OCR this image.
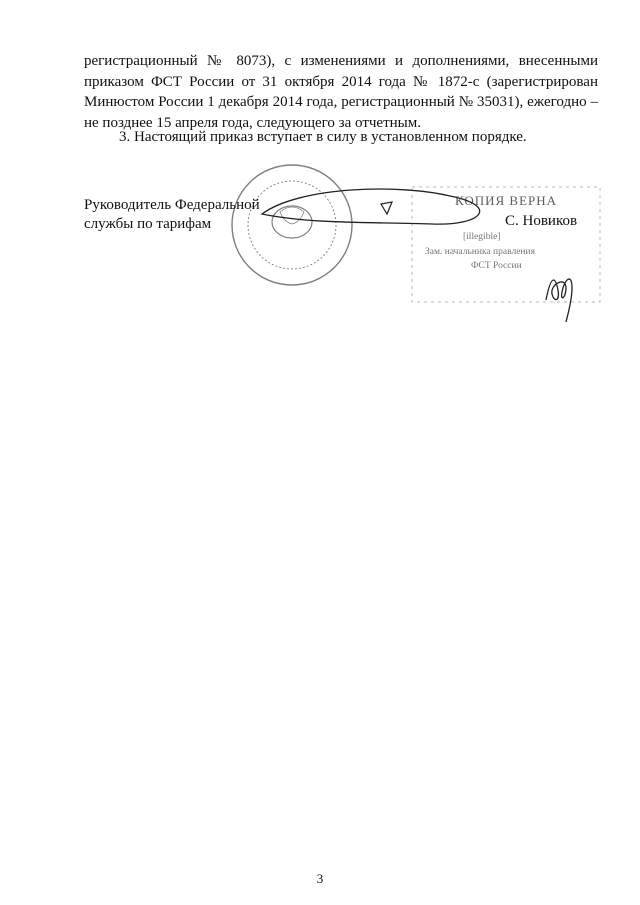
регистрационный № 8073), с изменениями и дополнениями, внесенными
приказом ФСТ России от 31 октября 2014 года № 1872-с (зарегистрирован
Минюстом России 1 декабря 2014 года, регистрационный № 35031), ежегодно –
не позднее 15 апреля года, следующего за отчетным.

3. Настоящий приказ вступает в силу в установленном порядке.

КОПИЯ ВЕРНА
[illegible]
Зам. начальника правления
ФСТ России

Руководитель Федеральной
службы по тарифам	С. Новиков

3
